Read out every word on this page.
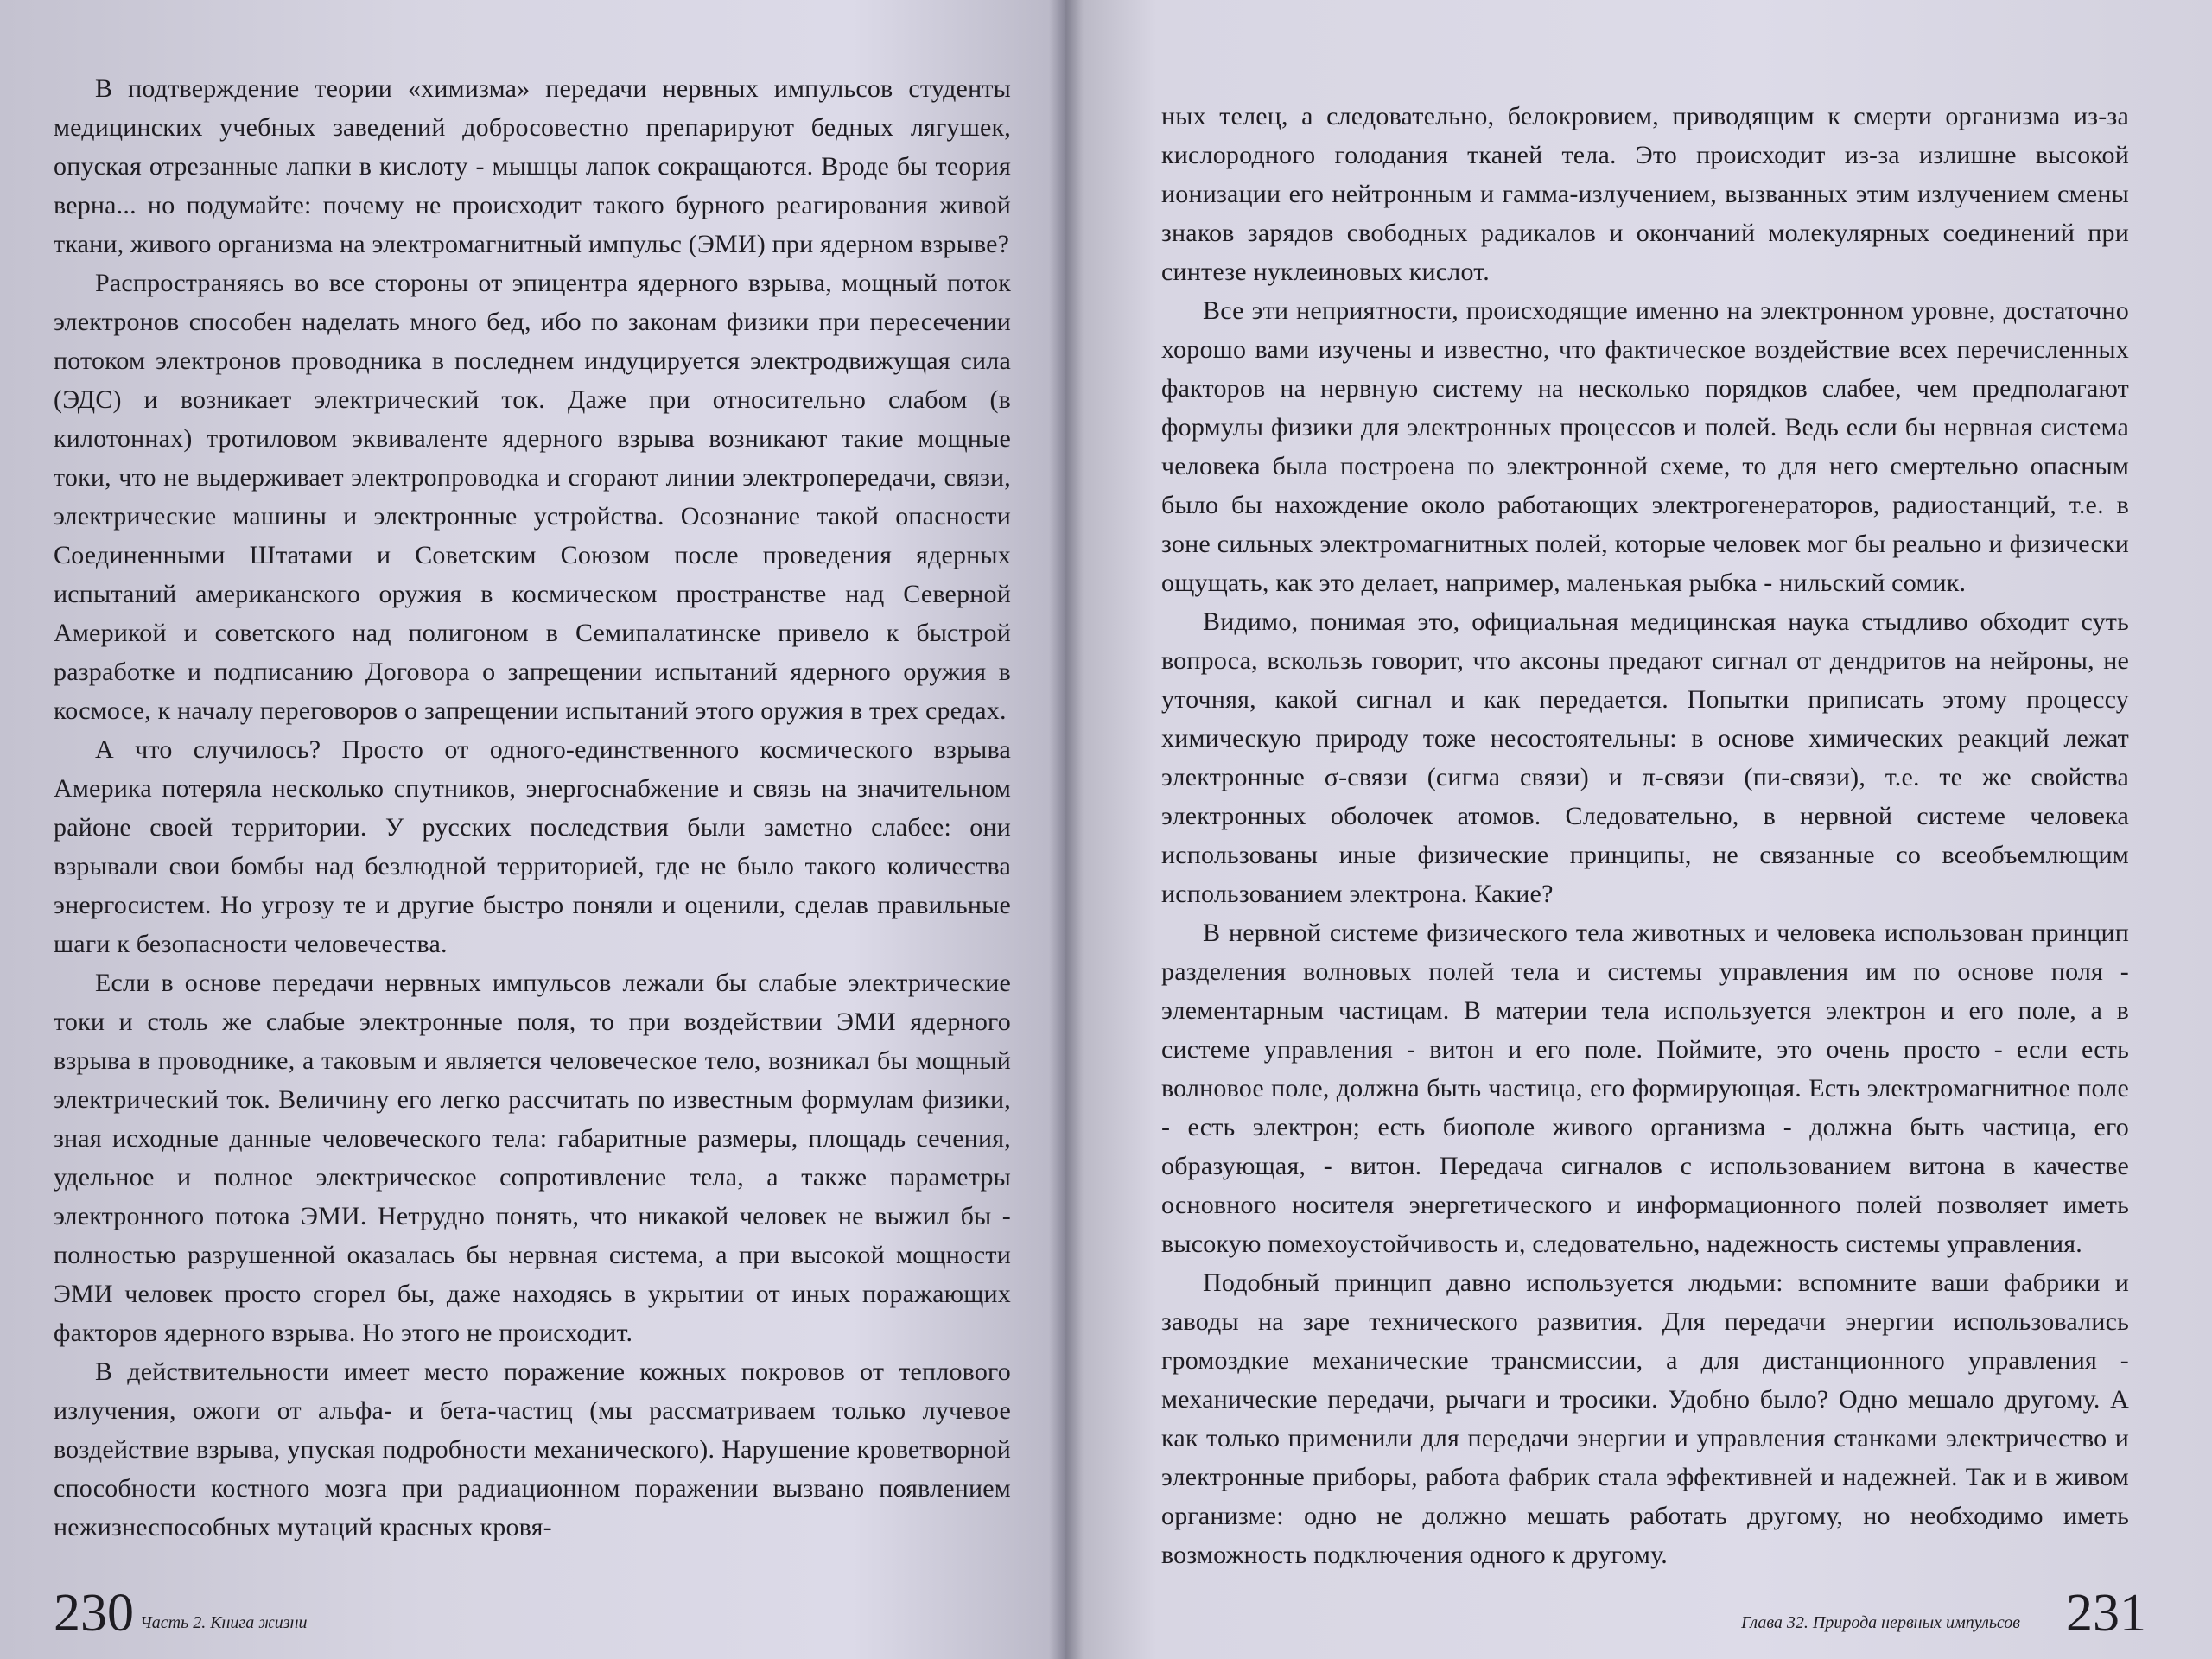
В подтверждение теории «химизма» передачи нервных импульсов студенты медицинских учебных заведений добросовестно препарируют бедных лягушек, опуская отрезанные лапки в кислоту - мышцы лапок сокращаются. Вроде бы теория верна... но подумайте: почему не происходит такого бурного реагирования живой ткани, живого организма на электромагнитный импульс (ЭМИ) при ядерном взрыве?

Распространяясь во все стороны от эпицентра ядерного взрыва, мощный поток электронов способен наделать много бед, ибо по законам физики при пересечении потоком электронов проводника в последнем индуцируется электродвижущая сила (ЭДС) и возникает электрический ток. Даже при относительно слабом (в килотоннах) тротиловом эквиваленте ядерного взрыва возникают такие мощные токи, что не выдерживает электропроводка и сгорают линии электропередачи, связи, электрические машины и электронные устройства. Осознание такой опасности Соединенными Штатами и Советским Союзом после проведения ядерных испытаний американского оружия в космическом пространстве над Северной Америкой и советского над полигоном в Семипалатинске привело к быстрой разработке и подписанию Договора о запрещении испытаний ядерного оружия в космосе, к началу переговоров о запрещении испытаний этого оружия в трех средах.

А что случилось? Просто от одного-единственного космического взрыва Америка потеряла несколько спутников, энергоснабжение и связь на значительном районе своей территории. У русских последствия были заметно слабее: они взрывали свои бомбы над безлюдной территорией, где не было такого количества энергосистем. Но угрозу те и другие быстро поняли и оценили, сделав правильные шаги к безопасности человечества.

Если в основе передачи нервных импульсов лежали бы слабые электрические токи и столь же слабые электронные поля, то при воздействии ЭМИ ядерного взрыва в проводнике, а таковым и является человеческое тело, возникал бы мощный электрический ток. Величину его легко рассчитать по известным формулам физики, зная исходные данные человеческого тела: габаритные размеры, площадь сечения, удельное и полное электрическое сопротивление тела, а также параметры электронного потока ЭМИ. Нетрудно понять, что никакой человек не выжил бы - полностью разрушенной оказалась бы нервная система, а при высокой мощности ЭМИ человек просто сгорел бы, даже находясь в укрытии от иных поражающих факторов ядерного взрыва. Но этого не происходит.

В действительности имеет место поражение кожных покровов от теплового излучения, ожоги от альфа- и бета-частиц (мы рассматриваем только лучевое воздействие взрыва, упуская подробности механического). Нарушение кроветворной способности костного мозга при радиационном поражении вызвано появлением нежизнеспособных мутаций красных кровя-

230 Часть 2. Книга жизни

ных телец, а следовательно, белокровием, приводящим к смерти организма из-за кислородного голодания тканей тела. Это происходит из-за излишне высокой ионизации его нейтронным и гамма-излучением, вызванных этим излучением смены знаков зарядов свободных радикалов и окончаний молекулярных соединений при синтезе нуклеиновых кислот.

Все эти неприятности, происходящие именно на электронном уровне, достаточно хорошо вами изучены и известно, что фактическое воздействие всех перечисленных факторов на нервную систему на несколько порядков слабее, чем предполагают формулы физики для электронных процессов и полей. Ведь если бы нервная система человека была построена по электронной схеме, то для него смертельно опасным было бы нахождение около работающих электрогенераторов, радиостанций, т.е. в зоне сильных электромагнитных полей, которые человек мог бы реально и физически ощущать, как это делает, например, маленькая рыбка - нильский сомик.

Видимо, понимая это, официальная медицинская наука стыдливо обходит суть вопроса, вскользь говорит, что аксоны предают сигнал от дендритов на нейроны, не уточняя, какой сигнал и как передается. Попытки приписать этому процессу химическую природу тоже несостоятельны: в основе химических реакций лежат электронные σ-связи (сигма связи) и π-связи (пи-связи), т.е. те же свойства электронных оболочек атомов. Следовательно, в нервной системе человека использованы иные физические принципы, не связанные со всеобъемлющим использованием электрона. Какие?

В нервной системе физического тела животных и человека использован принцип разделения волновых полей тела и системы управления им по основе поля - элементарным частицам. В материи тела используется электрон и его поле, а в системе управления - витон и его поле. Поймите, это очень просто - если есть волновое поле, должна быть частица, его формирующая. Есть электромагнитное поле - есть электрон; есть биополе живого организма - должна быть частица, его образующая, - витон. Передача сигналов с использованием витона в качестве основного носителя энергетического и информационного полей позволяет иметь высокую помехоустойчивость и, следовательно, надежность системы управления.

Подобный принцип давно используется людьми: вспомните ваши фабрики и заводы на заре технического развития. Для передачи энергии использовались громоздкие механические трансмиссии, а для дистанционного управления - механические передачи, рычаги и тросики. Удобно было? Одно мешало другому. А как только применили для передачи энергии и управления станками электричество и электронные приборы, работа фабрик стала эффективней и надежней. Так и в живом организме: одно не должно мешать работать другому, но необходимо иметь возможность подключения одного к другому.

Глава 32. Природа нервных импульсов 231
